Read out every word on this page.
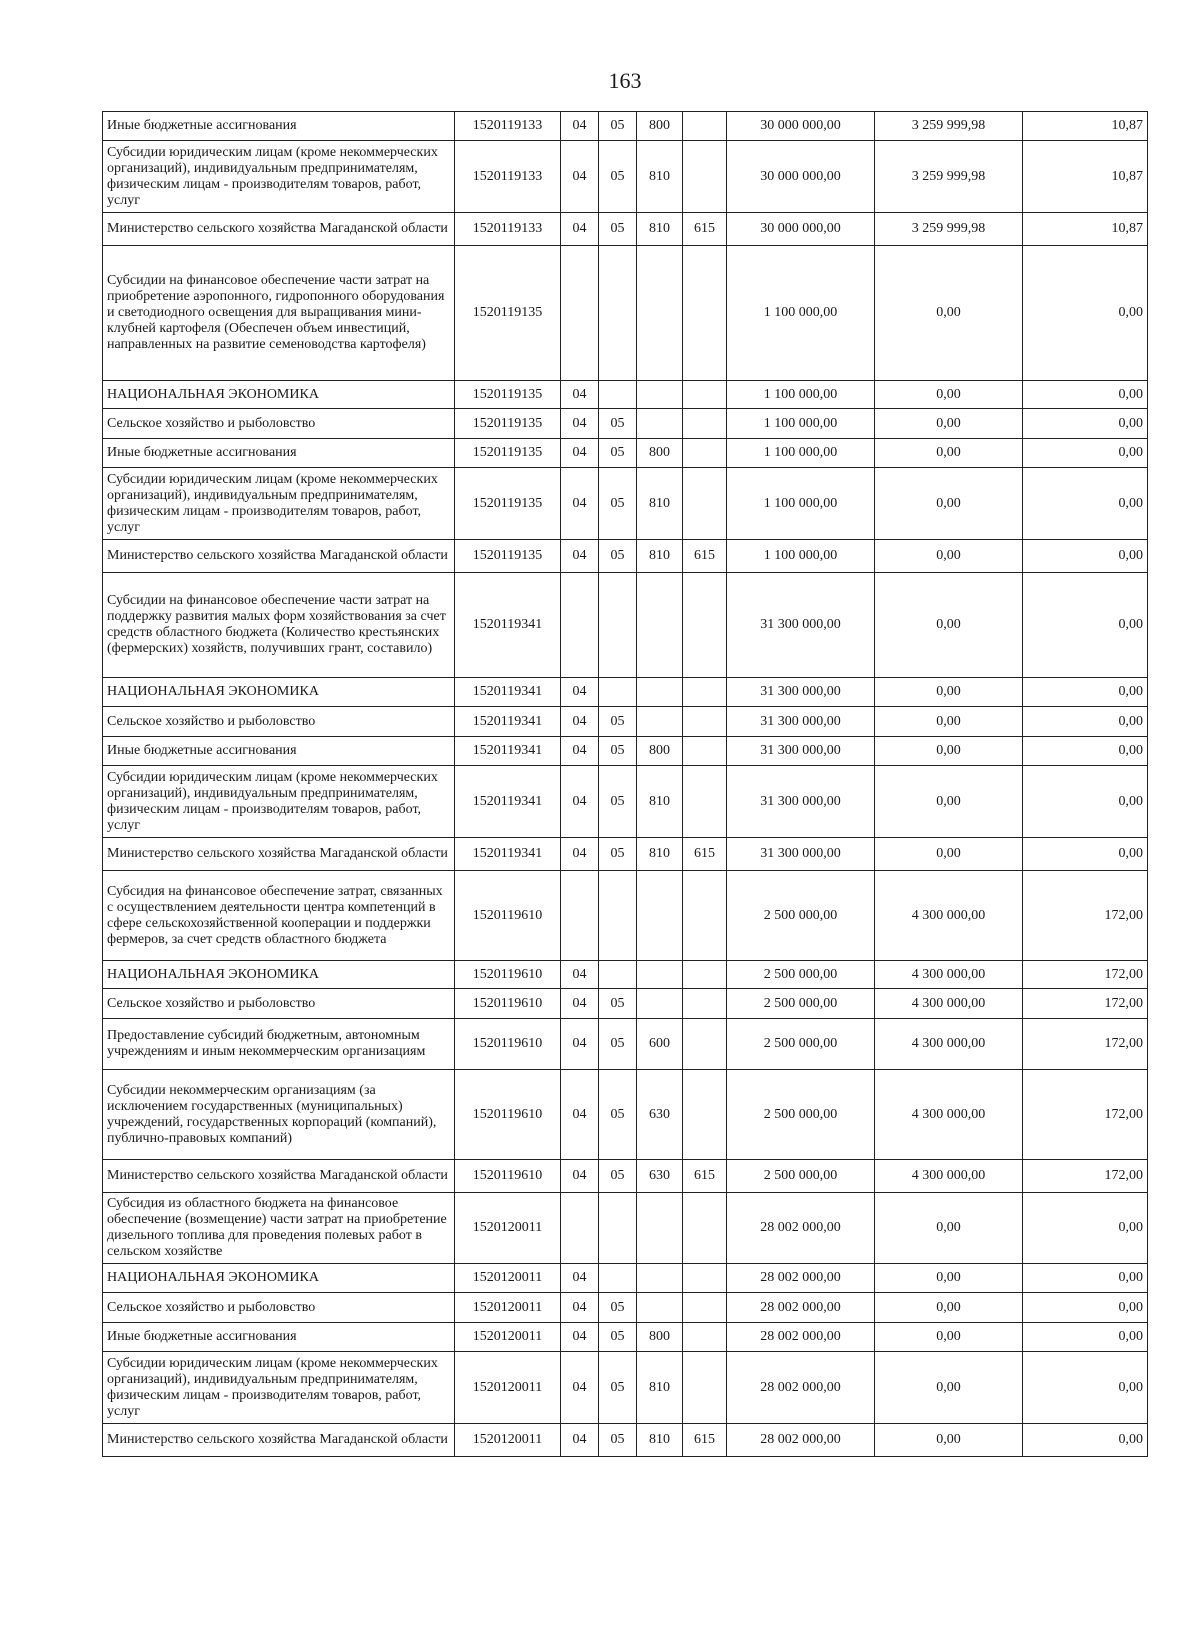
163
Иные бюджетные ассигнования	1520119133	04	05	800		30 000 000,00	3 259 999,98	10,87
Субсидии юридическим лицам (кроме некоммерческих организаций), индивидуальным предпринимателям, физическим лицам - производителям товаров, работ, услуг	1520119133	04	05	810		30 000 000,00	3 259 999,98	10,87
Министерство сельского хозяйства Магаданской области	1520119133	04	05	810	615	30 000 000,00	3 259 999,98	10,87
Субсидии на финансовое обеспечение части затрат на приобретение аэропонного, гидропонного оборудования и светодиодного освещения для выращивания мини-клубней картофеля (Обеспечен объем инвестиций, направленных на развитие семеноводства картофеля)	1520119135					1 100 000,00	0,00	0,00
НАЦИОНАЛЬНАЯ ЭКОНОМИКА	1520119135	04				1 100 000,00	0,00	0,00
Сельское хозяйство и рыболовство	1520119135	04	05			1 100 000,00	0,00	0,00
Иные бюджетные ассигнования	1520119135	04	05	800		1 100 000,00	0,00	0,00
Субсидии юридическим лицам (кроме некоммерческих организаций), индивидуальным предпринимателям, физическим лицам - производителям товаров, работ, услуг	1520119135	04	05	810		1 100 000,00	0,00	0,00
Министерство сельского хозяйства Магаданской области	1520119135	04	05	810	615	1 100 000,00	0,00	0,00
Субсидии на финансовое обеспечение части затрат на поддержку развития малых форм хозяйствования за счет средств областного бюджета (Количество крестьянских (фермерских) хозяйств, получивших грант, составило)	1520119341					31 300 000,00	0,00	0,00
НАЦИОНАЛЬНАЯ ЭКОНОМИКА	1520119341	04				31 300 000,00	0,00	0,00
Сельское хозяйство и рыболовство	1520119341	04	05			31 300 000,00	0,00	0,00
Иные бюджетные ассигнования	1520119341	04	05	800		31 300 000,00	0,00	0,00
Субсидии юридическим лицам (кроме некоммерческих организаций), индивидуальным предпринимателям, физическим лицам - производителям товаров, работ, услуг	1520119341	04	05	810		31 300 000,00	0,00	0,00
Министерство сельского хозяйства Магаданской области	1520119341	04	05	810	615	31 300 000,00	0,00	0,00
Субсидия на финансовое обеспечение затрат, связанных с осуществлением деятельности центра компетенций в сфере сельскохозяйственной кооперации и поддержки фермеров, за счет средств областного бюджета	1520119610					2 500 000,00	4 300 000,00	172,00
НАЦИОНАЛЬНАЯ ЭКОНОМИКА	1520119610	04				2 500 000,00	4 300 000,00	172,00
Сельское хозяйство и рыболовство	1520119610	04	05			2 500 000,00	4 300 000,00	172,00
Предоставление субсидий бюджетным, автономным учреждениям и иным некоммерческим организациям	1520119610	04	05	600		2 500 000,00	4 300 000,00	172,00
Субсидии некоммерческим организациям (за исключением государственных (муниципальных) учреждений, государственных корпораций (компаний), публично-правовых компаний)	1520119610	04	05	630		2 500 000,00	4 300 000,00	172,00
Министерство сельского хозяйства Магаданской области	1520119610	04	05	630	615	2 500 000,00	4 300 000,00	172,00
Субсидия из областного бюджета на финансовое обеспечение (возмещение) части затрат на приобретение дизельного топлива для проведения полевых работ в сельском хозяйстве	1520120011					28 002 000,00	0,00	0,00
НАЦИОНАЛЬНАЯ ЭКОНОМИКА	1520120011	04				28 002 000,00	0,00	0,00
Сельское хозяйство и рыболовство	1520120011	04	05			28 002 000,00	0,00	0,00
Иные бюджетные ассигнования	1520120011	04	05	800		28 002 000,00	0,00	0,00
Субсидии юридическим лицам (кроме некоммерческих организаций), индивидуальным предпринимателям, физическим лицам - производителям товаров, работ, услуг	1520120011	04	05	810		28 002 000,00	0,00	0,00
Министерство сельского хозяйства Магаданской области	1520120011	04	05	810	615	28 002 000,00	0,00	0,00
